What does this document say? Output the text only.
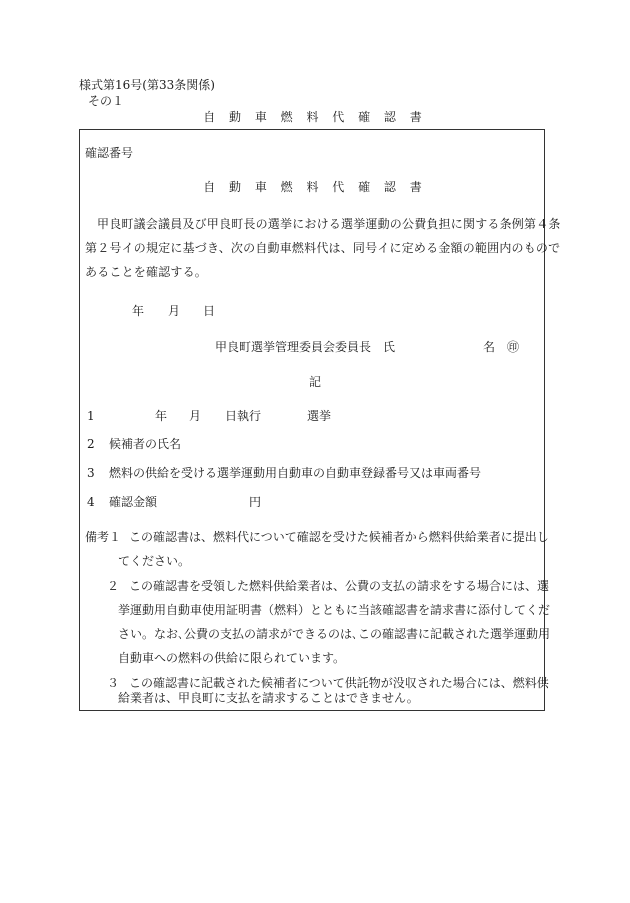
様式第16号(第33条関係)
その１
自 動 車 燃 料 代 確 認 書
確認番号
自 動 車 燃 料 代 確 認 書
甲良町議会議員及び甲良町長の選挙における選挙運動の公費負担に関する条例第４条
第２号イの規定に基づき、次の自動車燃料代は、同号イに定める金額の範囲内のもので
あることを確認する。
年 月 日
甲良町選挙管理委員会委員長　氏	名 ㊞
記
1	年 月 日執行	選挙
2 候補者の氏名
3 燃料の供給を受ける選挙運動用自動車の自動車登録番号又は車両番号
4 確認金額	円
備考１ この確認書は、燃料代について確認を受けた候補者から燃料供給業者に提出し
てください。
２ この確認書を受領した燃料供給業者は、公費の支払の請求をする場合には、選
挙運動用自動車使用証明書（燃料）とともに当該確認書を請求書に添付してくだ
さい。なお､公費の支払の請求ができるのは､この確認書に記載された選挙運動用
自動車への燃料の供給に限られています。
３ この確認書に記載された候補者について供託物が没収された場合には、燃料供
給業者は、甲良町に支払を請求することはできません。
